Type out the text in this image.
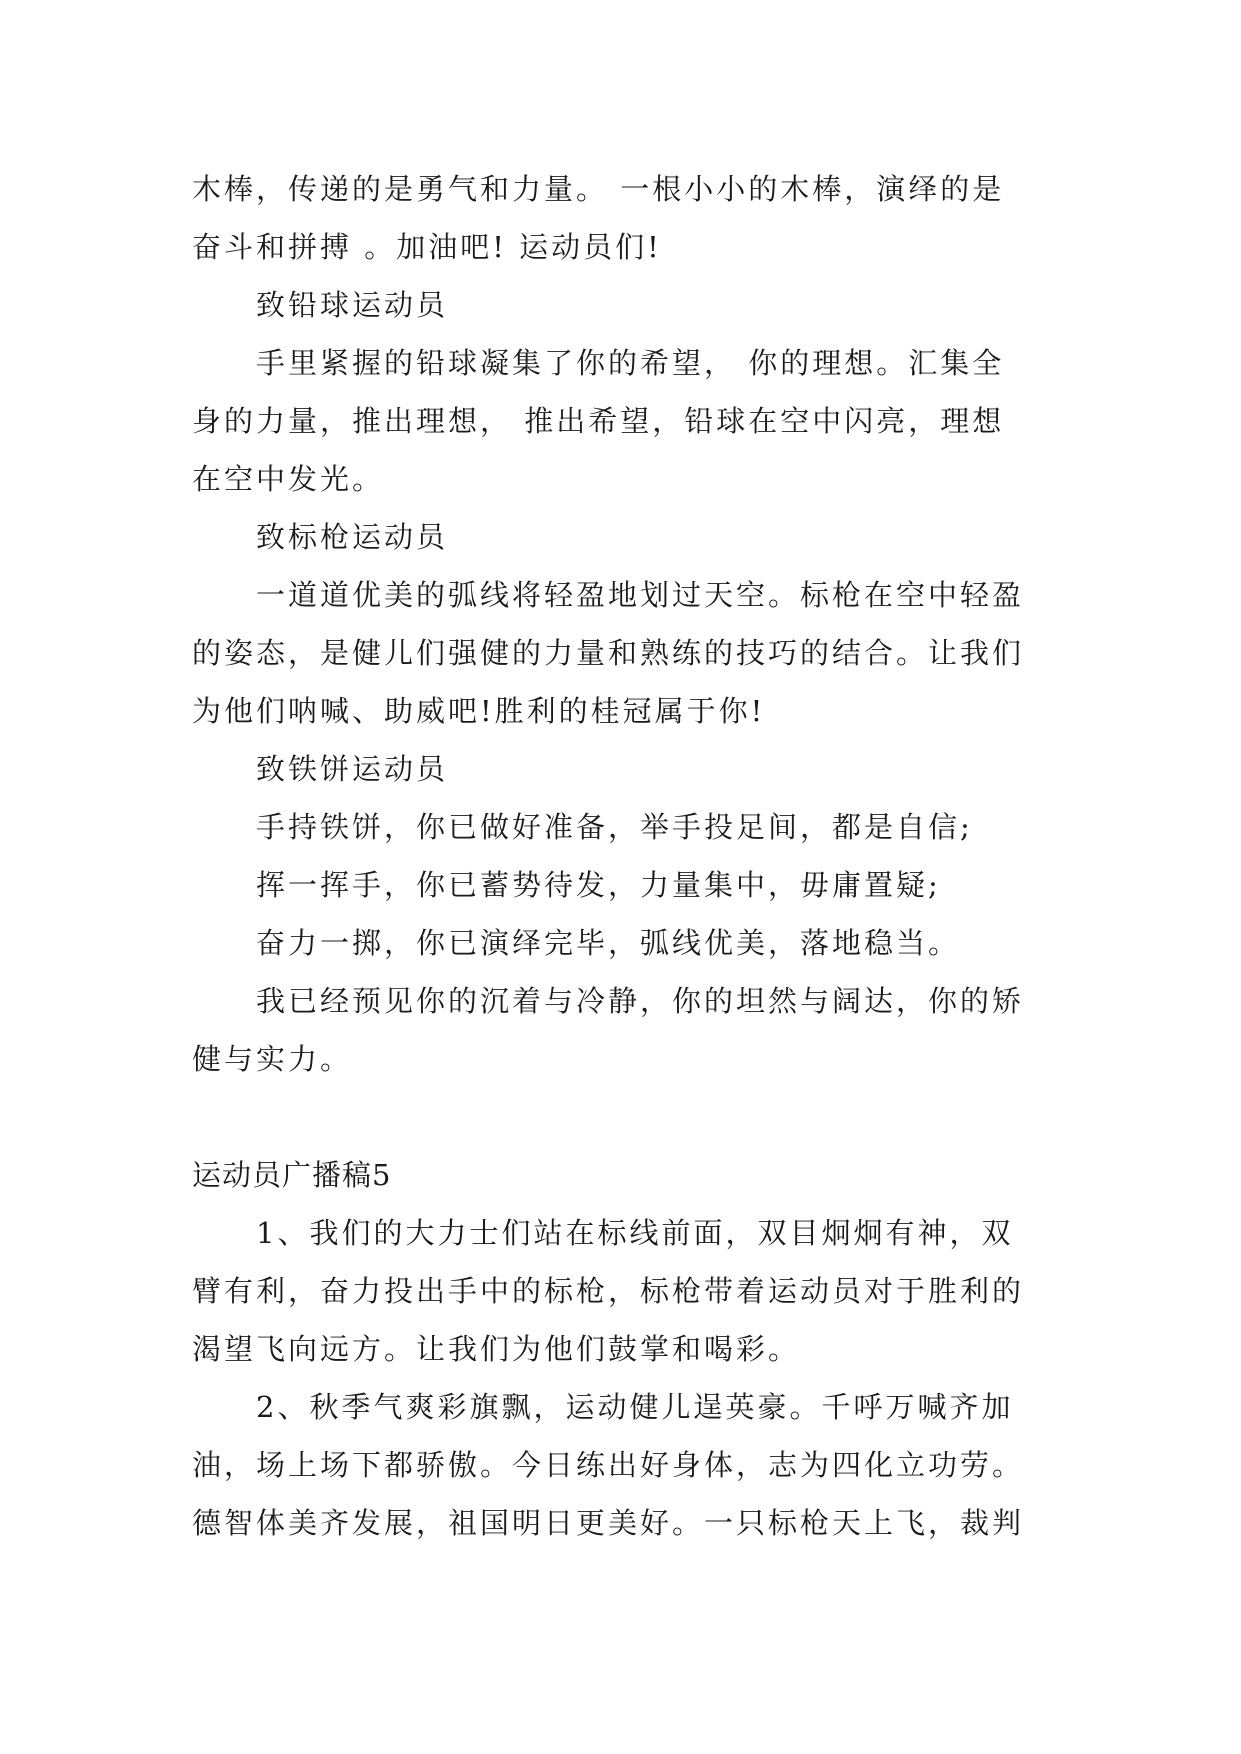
木棒，传递的是勇气和力量。 一根小小的木棒，演绎的是
奋斗和拼搏 。加油吧! 运动员们!
致铅球运动员
手里紧握的铅球凝集了你的希望， 你的理想。汇集全
身的力量，推出理想， 推出希望，铅球在空中闪亮，理想
在空中发光。
致标枪运动员
一道道优美的弧线将轻盈地划过天空。标枪在空中轻盈
的姿态，是健儿们强健的力量和熟练的技巧的结合。让我们
为他们呐喊、助威吧!胜利的桂冠属于你!
致铁饼运动员
手持铁饼，你已做好准备，举手投足间，都是自信;
挥一挥手，你已蓄势待发，力量集中，毋庸置疑;
奋力一掷，你已演绎完毕，弧线优美，落地稳当。
我已经预见你的沉着与冷静，你的坦然与阔达，你的矫
健与实力。
运动员广播稿5
1、我们的大力士们站在标线前面，双目炯炯有神，双
臂有利，奋力投出手中的标枪，标枪带着运动员对于胜利的
渴望飞向远方。让我们为他们鼓掌和喝彩。
2、秋季气爽彩旗飘，运动健儿逞英豪。千呼万喊齐加
油，场上场下都骄傲。今日练出好身体，志为四化立功劳。
德智体美齐发展，祖国明日更美好。一只标枪天上飞，裁判
